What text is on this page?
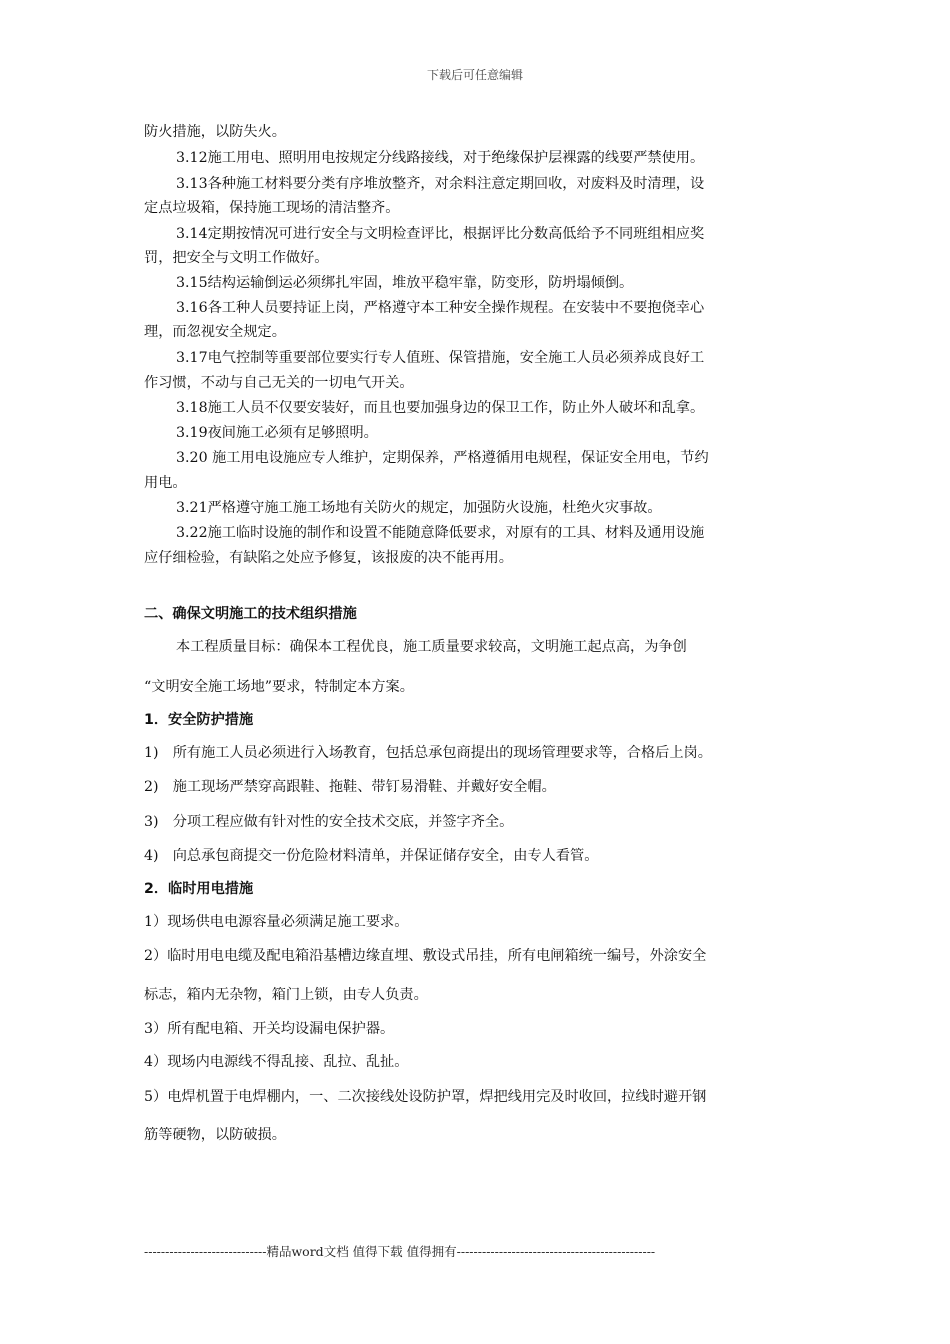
下载后可任意编辑
防火措施，以防失火。
3.12施工用电、照明用电按规定分线路接线，对于绝缘保护层裸露的线要严禁使用。
3.13各种施工材料要分类有序堆放整齐，对余料注意定期回收，对废料及时清理，设
定点垃圾箱，保持施工现场的清洁整齐。
3.14定期按情况可进行安全与文明检查评比，根据评比分数高低给予不同班组相应奖
罚，把安全与文明工作做好。
3.15结构运输倒运必须绑扎牢固，堆放平稳牢靠，防变形，防坍塌倾倒。
3.16各工种人员要持证上岗，严格遵守本工种安全操作规程。在安装中不要抱侥幸心
理，而忽视安全规定。
3.17电气控制等重要部位要实行专人值班、保管措施，安全施工人员必须养成良好工
作习惯，不动与自己无关的一切电气开关。
3.18施工人员不仅要安装好，而且也要加强身边的保卫工作，防止外人破坏和乱拿。
3.19夜间施工必须有足够照明。
3.20 施工用电设施应专人维护，定期保养，严格遵循用电规程，保证安全用电，节约
用电。
3.21严格遵守施工施工场地有关防火的规定，加强防火设施，杜绝火灾事故。
3.22施工临时设施的制作和设置不能随意降低要求，对原有的工具、材料及通用设施
应仔细检验，有缺陷之处应予修复，该报废的决不能再用。
二、确保文明施工的技术组织措施
本工程质量目标：确保本工程优良，施工质量要求较高，文明施工起点高，为争创
“文明安全施工场地”要求，特制定本方案。
1．安全防护措施
1)　所有施工人员必须进行入场教育，包括总承包商提出的现场管理要求等，合格后上岗。
2)　施工现场严禁穿高跟鞋、拖鞋、带钉易滑鞋、并戴好安全帽。
3)　分项工程应做有针对性的安全技术交底，并签字齐全。
4)　向总承包商提交一份危险材料清单，并保证储存安全，由专人看管。
2．临时用电措施
1）现场供电电源容量必须满足施工要求。
2）临时用电电缆及配电箱沿基槽边缘直埋、敷设式吊挂，所有电闸箱统一编号，外涂安全
标志，箱内无杂物，箱门上锁，由专人负责。
3）所有配电箱、开关均设漏电保护器。
4）现场内电源线不得乱接、乱拉、乱扯。
5）电焊机置于电焊棚内，一、二次接线处设防护罩，焊把线用完及时收回，拉线时避开钢
筋等硬物，以防破损。
-----------------------------精品word文档 值得下载 值得拥有-----------------------------------------------
